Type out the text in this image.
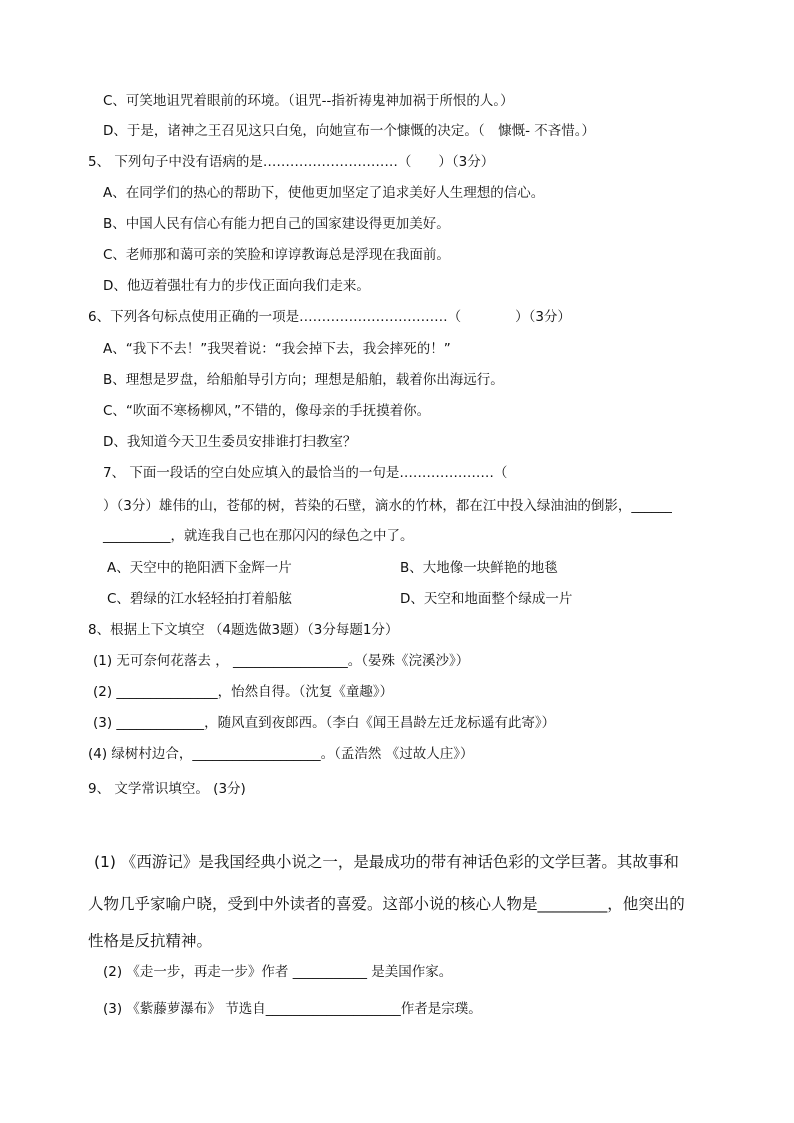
C、可笑地诅咒着眼前的环境。（诅咒--指祈祷鬼神加祸于所恨的人。）
D、于是，诸神之王召见这只白兔，向她宣布一个慷慨的决定。（　慷慨- 不吝惜。）
5、 下列句子中没有语病的是…………………………（　　）（3分）
A、在同学们的热心的帮助下，使他更加坚定了追求美好人生理想的信心。
B、中国人民有信心有能力把自己的国家建设得更加美好。
C、老师那和蔼可亲的笑脸和谆谆教诲总是浮现在我面前。
D、他迈着强壮有力的步伐正面向我们走来。
6、下列各句标点使用正确的一项是……………………………（　　　　）（3分）
A、“我下不去！”我哭着说：“我会掉下去，我会摔死的！”
B、理想是罗盘，给船舶导引方向；理想是船舶，载着你出海远行。
C、“吹面不寒杨柳风，”不错的，像母亲的手抚摸着你。
D、我知道今天卫生委员安排谁打扫教室？
7、 下面一段话的空白处应填入的最恰当的一句是…………………（
）（3分）雄伟的山，苍郁的树，苔染的石壁，滴水的竹林，都在江中投入绿油油的倒影，______
__________，就连我自己也在那闪闪的绿色之中了。
A、天空中的艳阳洒下金辉一片	B、大地像一块鲜艳的地毯
C、碧绿的江水轻轻拍打着船舷	D、天空和地面整个绿成一片
8、根据上下文填空 （4题选做3题）（3分每题1分）
(1) 无可奈何花落去 ， _________________。（晏殊《浣溪沙》）
(2) _______________，怡然自得。（沈复《童趣》）
(3) _____________，随风直到夜郎西。（李白《闻王昌龄左迁龙标遥有此寄》）
(4) 绿树村边合，___________________。（孟浩然 《过故人庄》）
9、 文学常识填空。 (3分)
(1) 《西游记》是我国经典小说之一，是最成功的带有神话色彩的文学巨著。其故事和
人物几乎家喻户晓，受到中外读者的喜爱。这部小说的核心人物是_________，他突出的
性格是反抗精神。
(2) 《走一步，再走一步》作者 ___________ 是美国作家。
(3) 《紫藤萝瀑布》 节选自____________________作者是宗璞。
